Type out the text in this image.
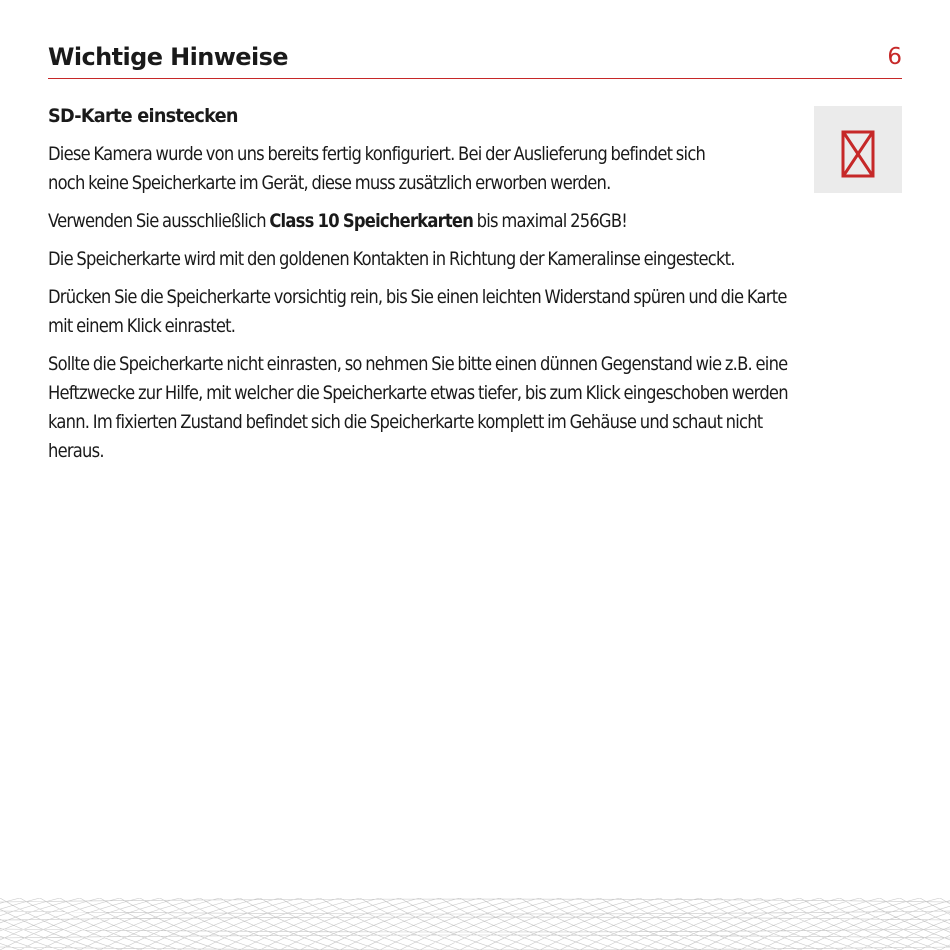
Wichtige Hinweise	6
SD-Karte einstecken

Diese Kamera wurde von uns bereits fertig konfiguriert. Bei der Auslieferung befindet sich
noch keine Speicherkarte im Gerät, diese muss zusätzlich erworben werden.

Verwenden Sie ausschließlich Class 10 Speicherkarten bis maximal 256GB!

Die Speicherkarte wird mit den goldenen Kontakten in Richtung der Kameralinse eingesteckt.

Drücken Sie die Speicherkarte vorsichtig rein, bis Sie einen leichten Widerstand spüren und die Karte
mit einem Klick einrastet.

Sollte die Speicherkarte nicht einrasten, so nehmen Sie bitte einen dünnen Gegenstand wie z.B. eine
Heftzwecke zur Hilfe, mit welcher die Speicherkarte etwas tiefer, bis zum Klick eingeschoben werden
kann. Im fixierten Zustand befindet sich die Speicherkarte komplett im Gehäuse und schaut nicht
heraus.
